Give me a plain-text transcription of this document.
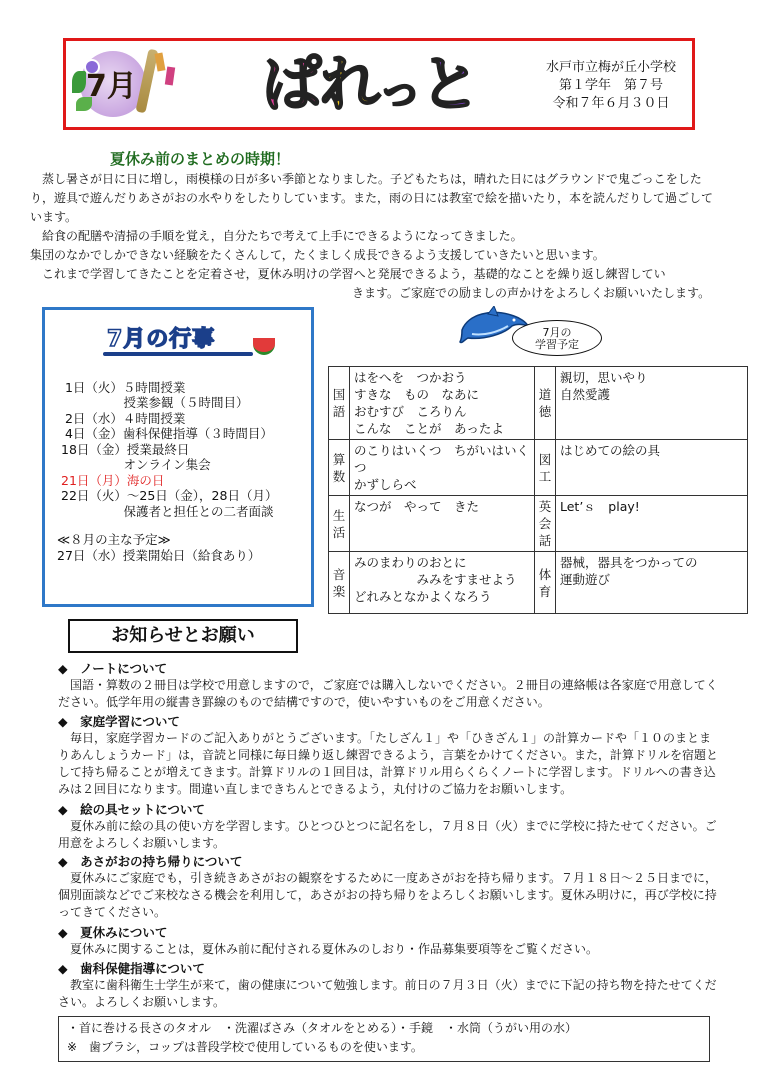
7月 ぱれっと	水戸市立梅が丘小学校
第１学年　第７号
令和７年６月３０日
夏休み前のまとめの時期！
　蒸し暑さが日に日に増し，雨模様の日が多い季節となりました。子どもたちは，晴れた日にはグラウンドで鬼ごっこをしたり，遊具で遊んだりあさがおの水やりをしたりしています。また，雨の日には教室で絵を描いたり，本を読んだりして過ごしています。
　給食の配膳や清掃の手順を覚え，自分たちで考えて上手にできるようになってきました。
集団のなかでしかできない経験をたくさんして，たくましく成長できるよう支援していきたいと思います。
　これまで学習してきたことを定着させ，夏休み明けの学習へと発展できるよう，基礎的なことを繰り返し練習してい
きます。ご家庭での励ましの声かけをよろしくお願いいたします。
7月の行事
1日（火）５時間授業
　　　　　授業参観（５時間目）
2日（水）４時間授業
4日（金）歯科保健指導（３時間目）
18日（金）授業最終日
　　　　　オンライン集会
21日（月）海の日
22日（火）～25日（金），28日（月）
　　　　　保護者と担任との二者面談
≪８月の主な予定≫
27日（水）授業開始日（給食あり）
7月の
学習予定
国語	はをへを　つかおう
すきな　もの　なあに
おむすび　ころりん
こんな　ことが　あったよ	道徳	親切，思いやり
自然愛護
算数	のこりはいくつ　ちがいはいくつ
かずしらべ	図工	はじめての絵の具
生活	なつが　やって　きた	英会話	Let’ｓ　play!
音楽	みのまわりのおとに
　　　　　みみをすませよう
どれみとなかよくなろう	体育	器械，器具をつかっての
運動遊び
お知らせとお願い
◆　ノートについて
　国語・算数の２冊目は学校で用意しますので，ご家庭では購入しないでください。２冊目の連絡帳は各家庭で用意してください。低学年用の縦書き罫線のもので結構ですので，使いやすいものをご用意ください。
◆　家庭学習について
　毎日，家庭学習カードのご記入ありがとうございます。「たしざん１」や「ひきざん１」の計算カードや「１０のまとまりあんしょうカード」は，音読と同様に毎日繰り返し練習できるよう，言葉をかけてください。また，計算ドリルを宿題として持ち帰ることが増えてきます。計算ドリルの１回目は，計算ドリル用らくらくノートに学習します。ドリルへの書き込みは２回目になります。間違い直しまできちんとできるよう，丸付けのご協力をお願いします。
◆　絵の具セットについて
　夏休み前に絵の具の使い方を学習します。ひとつひとつに記名をし，７月８日（火）までに学校に持たせてください。ご用意をよろしくお願いします。
◆　あさがおの持ち帰りについて
　夏休みにご家庭でも，引き続きあさがおの観察をするために一度あさがおを持ち帰ります。７月１８日～２５日までに，個別面談などでご来校なさる機会を利用して，あさがおの持ち帰りをよろしくお願いします。夏休み明けに，再び学校に持ってきてください。
◆　夏休みについて
　夏休みに関することは，夏休み前に配付される夏休みのしおり・作品募集要項等をご覧ください。
◆　歯科保健指導について
　教室に歯科衛生士学生が来て，歯の健康について勉強します。前日の７月３日（火）までに下記の持ち物を持たせてください。よろしくお願いします。
・首に巻ける長さのタオル　・洗濯ばさみ（タオルをとめる）・手鏡　・水筒（うがい用の水）
※　歯ブラシ，コップは普段学校で使用しているものを使います。
